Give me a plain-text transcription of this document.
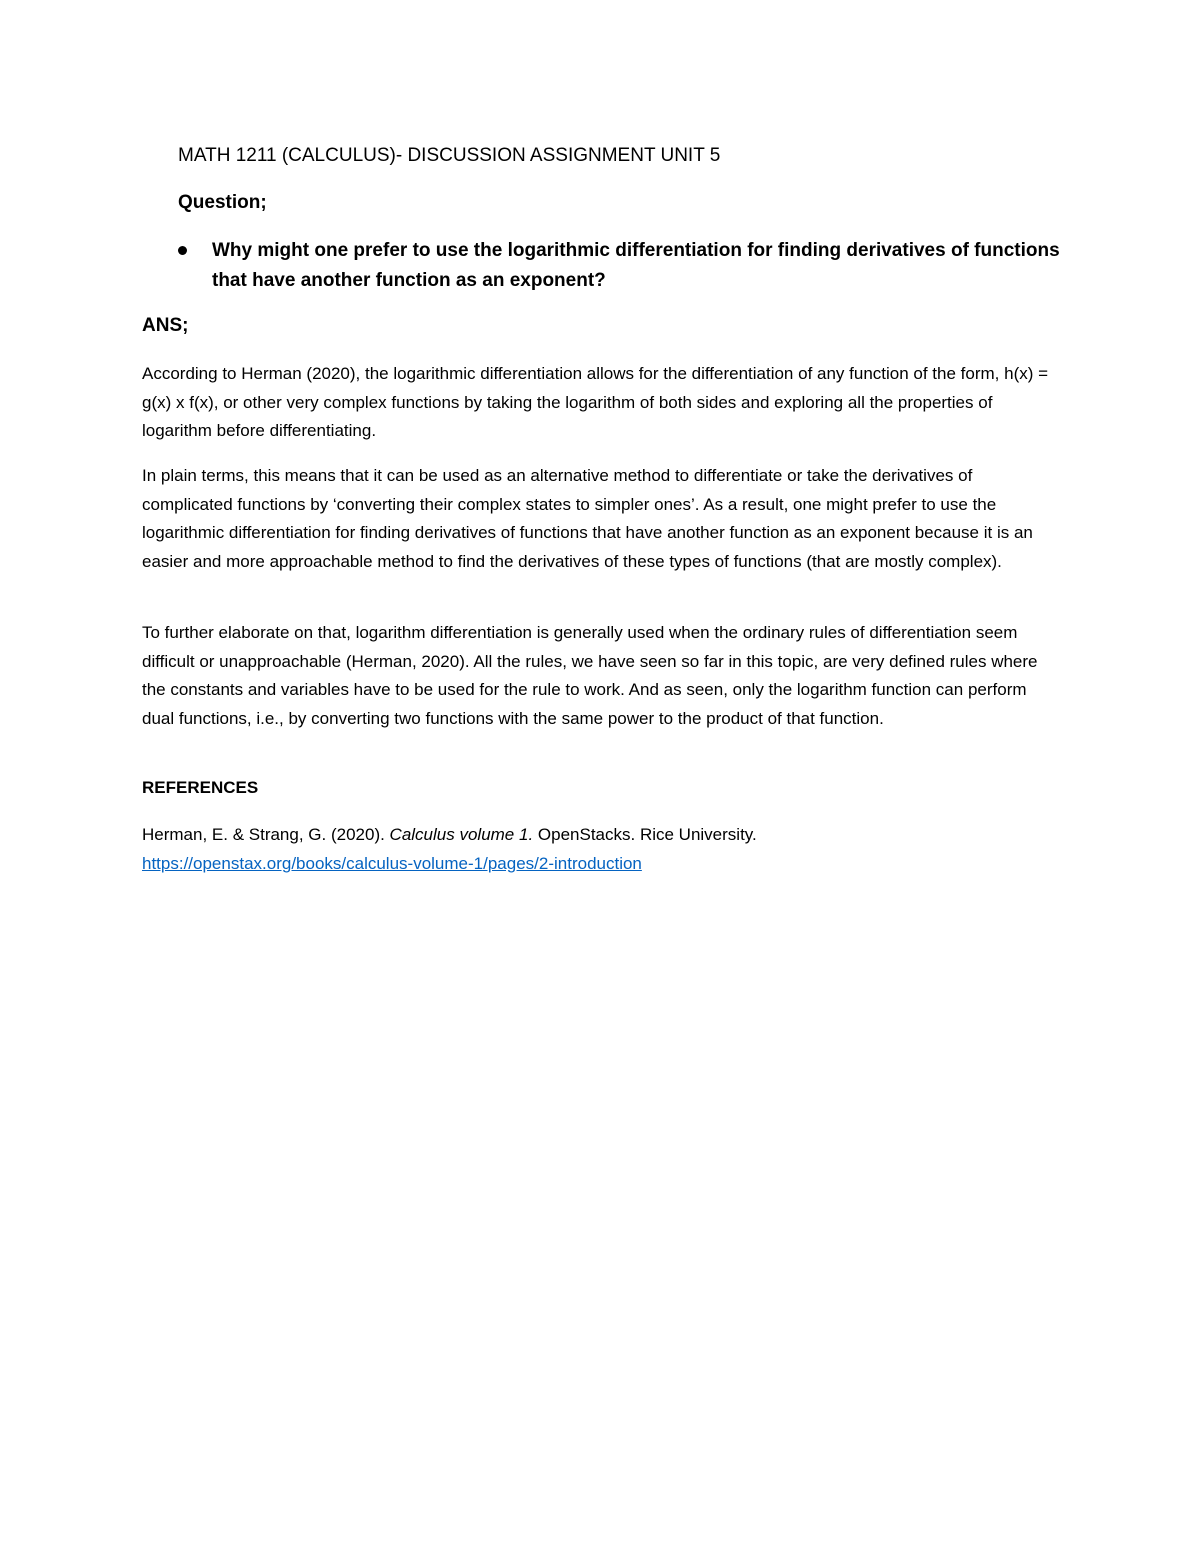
MATH 1211 (CALCULUS)- DISCUSSION ASSIGNMENT UNIT 5
Question;
Why might one prefer to use the logarithmic differentiation for finding derivatives of functions that have another function as an exponent?
ANS;

According to Herman (2020), the logarithmic differentiation allows for the differentiation of any function of the form, h(x) = g(x) x f(x), or other very complex functions by taking the logarithm of both sides and exploring all the properties of logarithm before differentiating.

In plain terms, this means that it can be used as an alternative method to differentiate or take the derivatives of complicated functions by ‘converting their complex states to simpler ones’. As a result, one might prefer to use the logarithmic differentiation for finding derivatives of functions that have another function as an exponent because it is an easier and more approachable method to find the derivatives of these types of functions (that are mostly complex).

To further elaborate on that, logarithm differentiation is generally used when the ordinary rules of differentiation seem difficult or unapproachable (Herman, 2020). All the rules, we have seen so far in this topic, are very defined rules where the constants and variables have to be used for the rule to work. And as seen, only the logarithm function can perform dual functions, i.e., by converting two functions with the same power to the product of that function.

REFERENCES
Herman, E. & Strang, G. (2020). Calculus volume 1. OpenStacks. Rice University. https://openstax.org/books/calculus-volume-1/pages/2-introduction
